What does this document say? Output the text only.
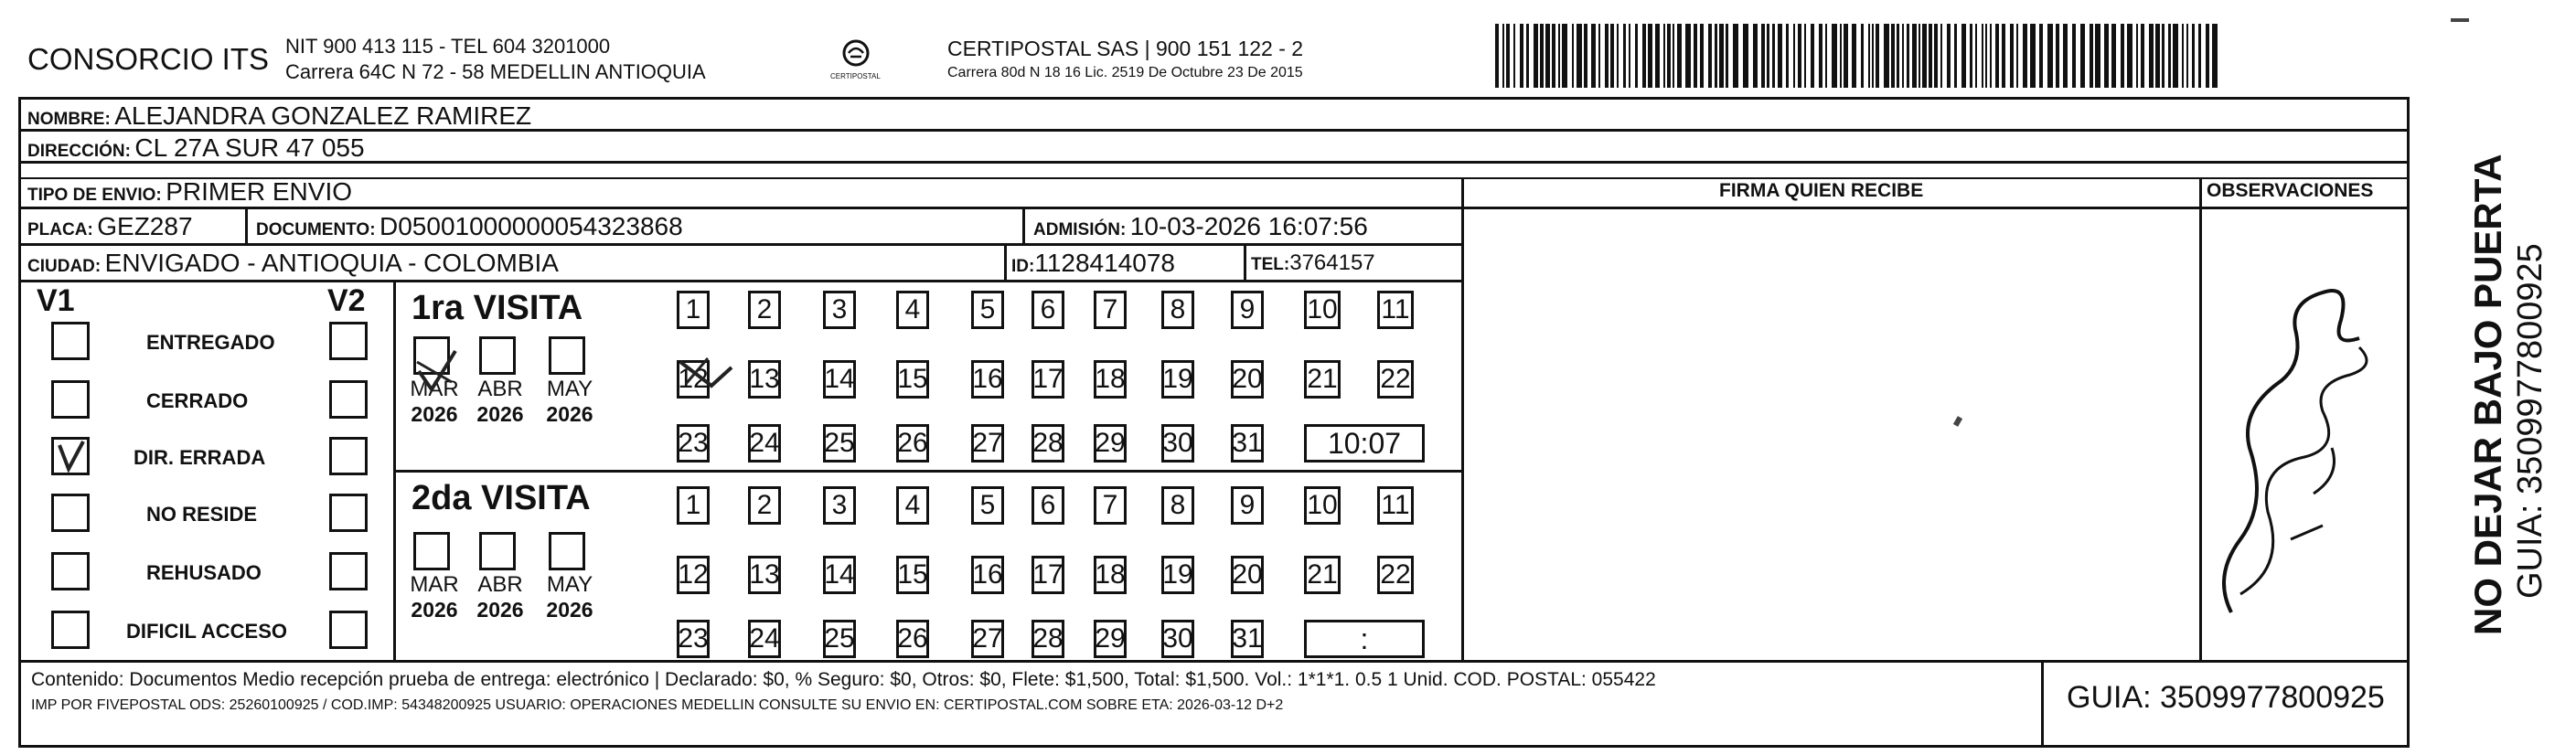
CONSORCIO ITS NIT 900 413 115 - TEL 604 3201000
Carrera 64C N 72 - 58 MEDELLIN ANTIOQUIA	CERTIPOSTAL
CERTIPOSTAL SAS | 900 151 122 - 2
Carrera 80d N 18 16 Lic. 2519 De Octubre 23 De 2015
NOMBRE: ALEJANDRA GONZALEZ RAMIREZ
DIRECCIÓN: CL 27A SUR 47 055
TIPO DE ENVIO: PRIMER ENVIO
PLACA: GEZ287	DOCUMENTO: D05001000000054323868	ADMISIÓN: 10-03-2026 16:07:56
CIUDAD: ENVIGADO - ANTIOQUIA - COLOMBIA	ID:1128414078	TEL:3764157
FIRMA QUIEN RECIBE	OBSERVACIONES
V1	V2
ENTREGADO
CERRADO
DIR. ERRADA
NO RESIDE
REHUSADO
DIFICIL ACCESO
1ra VISITA
2da VISITA
1	2	3	4	5	6	7	8	9	10 11
12 13 14 15 16 17 18 19 20 21 22
23 24 25 26 27 28 29 30 31	10:07
MAR
2026
ABR
2026
MAY
2026
1	2	3	4	5	6	7	8	9	10 11
12 13 14 15 16 17 18 19 20 21 22
23 24 25 26 27 28 29 30 31	:
MAR
2026
ABR
2026
MAY
2026
Contenido: Documentos Medio recepción prueba de entrega: electrónico | Declarado: $0, % Seguro: $0, Otros: $0, Flete: $1,500, Total: $1,500. Vol.: 1*1*1. 0.5 1 Unid. COD. POSTAL: 055422
IMP POR FIVEPOSTAL ODS: 25260100925 / COD.IMP: 54348200925 USUARIO: OPERACIONES MEDELLIN CONSULTE SU ENVIO EN: CERTIPOSTAL.COM SOBRE ETA: 2026-03-12 D+2	GUIA: 3509977800925
NO DEJAR BAJO PUERTA GUIA: 3509977800925
